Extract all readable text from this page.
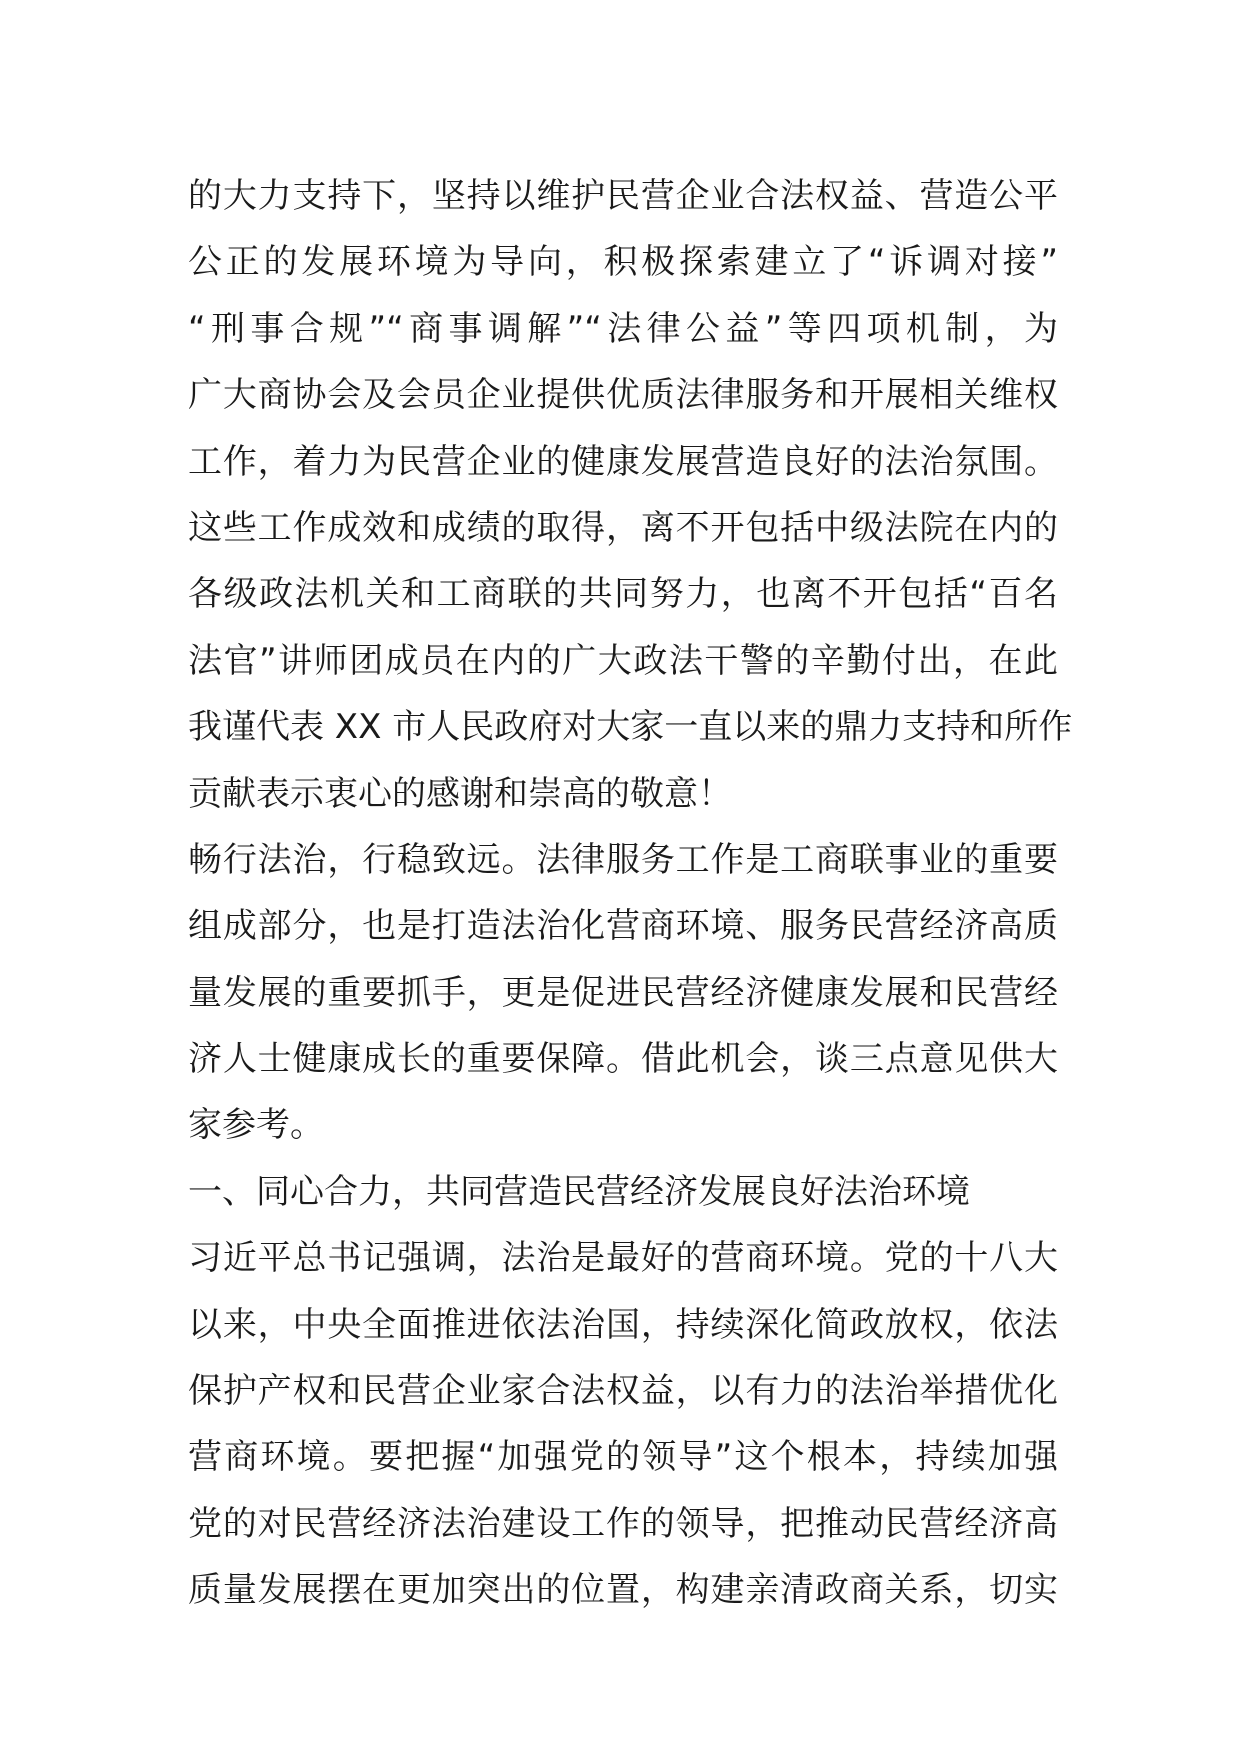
的大力支持下，坚持以维护民营企业合法权益、营造公平
公正的发展环境为导向，积极探索建立了“诉调对接”
“刑事合规”“商事调解”“法律公益”等四项机制，为
广大商协会及会员企业提供优质法律服务和开展相关维权
工作，着力为民营企业的健康发展营造良好的法治氛围。
这些工作成效和成绩的取得，离不开包括中级法院在内的
各级政法机关和工商联的共同努力，也离不开包括“百名
法官”讲师团成员在内的广大政法干警的辛勤付出，在此
我谨代表 XX 市人民政府对大家一直以来的鼎力支持和所作
贡献表示衷心的感谢和崇高的敬意！
畅行法治，行稳致远。法律服务工作是工商联事业的重要
组成部分，也是打造法治化营商环境、服务民营经济高质
量发展的重要抓手，更是促进民营经济健康发展和民营经
济人士健康成长的重要保障。借此机会，谈三点意见供大
家参考。
一、同心合力，共同营造民营经济发展良好法治环境
习近平总书记强调，法治是最好的营商环境。党的十八大
以来，中央全面推进依法治国，持续深化简政放权，依法
保护产权和民营企业家合法权益，以有力的法治举措优化
营商环境。要把握“加强党的领导”这个根本，持续加强
党的对民营经济法治建设工作的领导，把推动民营经济高
质量发展摆在更加突出的位置，构建亲清政商关系，切实
